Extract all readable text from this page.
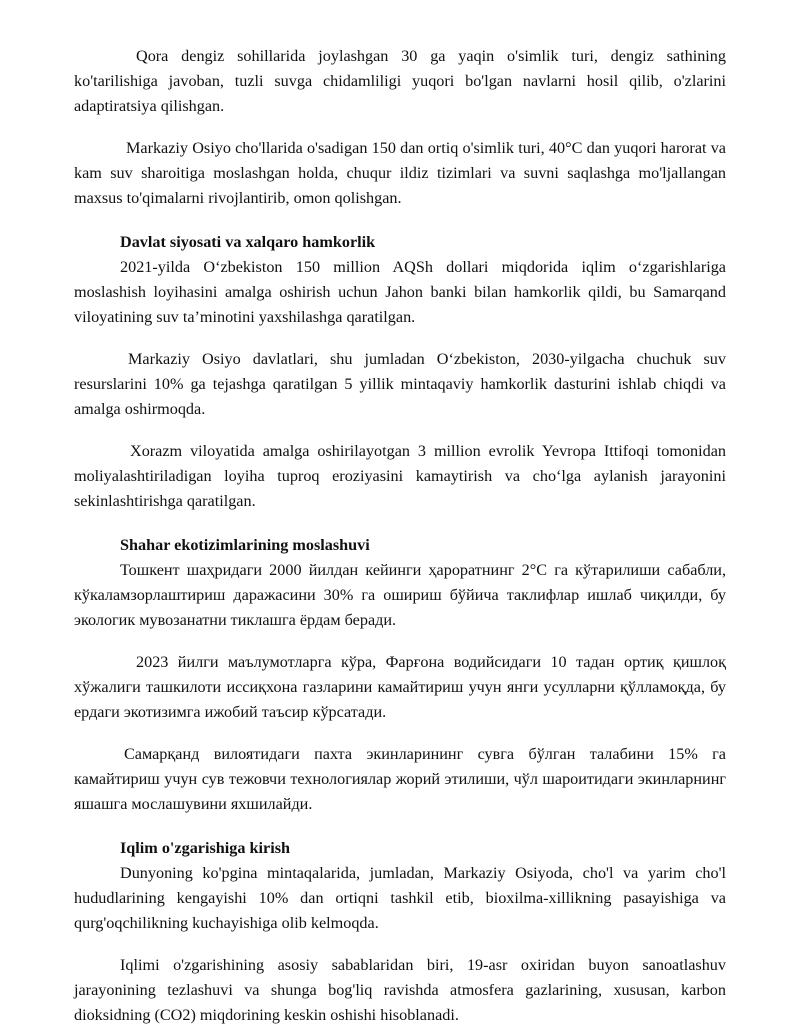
Qora dengiz sohillarida joylashgan 30 ga yaqin o'simlik turi, dengiz sathining ko'tarilishiga javoban, tuzli suvga chidamliligi yuqori bo'lgan navlarni hosil qilib, o'zlarini adaptiratsiya qilishgan.

Markaziy Osiyo cho'llarida o'sadigan 150 dan ortiq o'simlik turi, 40°C dan yuqori harorat va kam suv sharoitiga moslashgan holda, chuqur ildiz tizimlari va suvni saqlashga mo'ljallangan maxsus to'qimalarni rivojlantirib, omon qolishgan.

Davlat siyosati va xalqaro hamkorlik

2021-yilda O‘zbekiston 150 million AQSh dollari miqdorida iqlim o‘zgarishlariga moslashish loyihasini amalga oshirish uchun Jahon banki bilan hamkorlik qildi, bu Samarqand viloyatining suv ta’minotini yaxshilashga qaratilgan.

Markaziy Osiyo davlatlari, shu jumladan O‘zbekiston, 2030-yilgacha chuchuk suv resurslarini 10% ga tejashga qaratilgan 5 yillik mintaqaviy hamkorlik dasturini ishlab chiqdi va amalga oshirmoqda.

Xorazm viloyatida amalga oshirilayotgan 3 million evrolik Yevropa Ittifoqi tomonidan moliyalashtiriladigan loyiha tuproq eroziyasini kamaytirish va cho‘lga aylanish jarayonini sekinlashtirishga qaratilgan.

Shahar ekotizimlarining moslashuvi

Тошкент шаҳридаги 2000 йилдан кейинги ҳароратнинг 2°C га кўтарилиши сабабли, кўкаламзорлаштириш даражасини 30% га ошириш бўйича таклифлар ишлаб чиқилди, бу экологик мувозанатни тиклашга ёрдам беради.

2023 йилги маълумотларга кўра, Фарғона водийсидаги 10 тадан ортиқ қишлоқ хўжалиги ташкилоти иссиқхона газларини камайтириш учун янги усулларни қўлламоқда, бу ердаги экотизимга ижобий таъсир кўрсатади.

Самарқанд вилоятидаги пахта экинларининг сувга бўлган талабини 15% га камайтириш учун сув тежовчи технологиялар жорий этилиши, чўл шароитидаги экинларнинг яшашга мослашувини яхшилайди.

Iqlim o'zgarishiga kirish

Dunyoning ko'pgina mintaqalarida, jumladan, Markaziy Osiyoda, cho'l va yarim cho'l hududlarining kengayishi 10% dan ortiqni tashkil etib, bioxilma-xillikning pasayishiga va qurg'oqchilikning kuchayishiga olib kelmoqda.

Iqlimi o'zgarishining asosiy sabablaridan biri, 19-asr oxiridan buyon sanoatlashuv jarayonining tezlashuvi va shunga bog'liq ravishda atmosfera gazlarining, xususan, karbon dioksidning (CO2) miqdorining keskin oshishi hisoblanadi.
